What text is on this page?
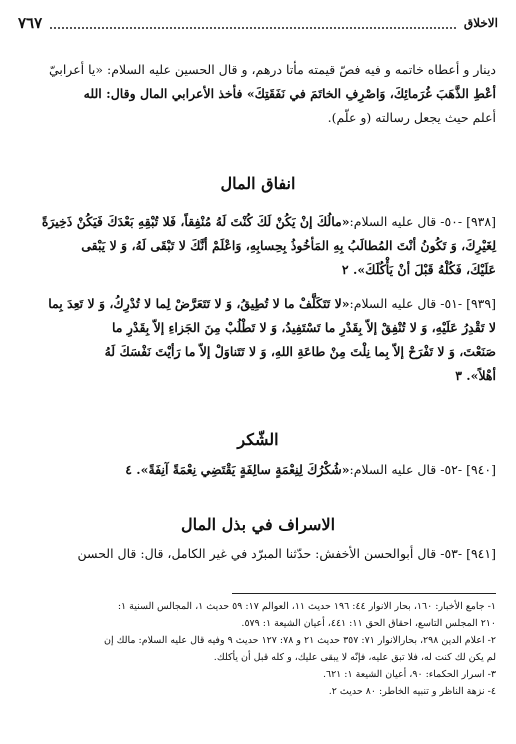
٧٦٧	الاخلاق
دينار و أعطاه خاتمه و فيه فصّ قيمته مأتا درهم، و قال الحسين عليه السلام: «يا أعرابيّ
أعْطِ الذَّهَبَ غُرَمائِكَ، وَاصْرِفِ الخاتَمَ في نَفَقَتِكَ» فأخذ الأعرابي المال وقال: الله
أعلم حيث يجعل رسالته (و علّم).
انفاق المال
[٩٣٨] -٥٠- قال عليه السلام:«مالُكَ إنْ يَكُنْ لَكَ كُنْتَ لَهُ مُنْفِقاً، فَلا تُبْقِهِ بَعْدَكَ فَيَكُنْ ذَخِيرَةً
لِغَيْرِكَ، وَ تَكُونُ أنْتَ المُطالَبُ بِهِ المَأخُوذُ بِحِسابِهِ، وَاعْلَمْ أنَّكَ لا تَبْقَى لَهُ، وَ لا يَبْقى
عَلَيْكَ، فَكُلْهُ قَبْلَ أنْ يَأْكُلَكَ». ٢
[٩٣٩] -٥١- قال عليه السلام:«لا تَتَكَلَّفْ ما لا تُطِيقُ، وَ لا تَتَعَرَّضْ لِما لا تُدْرِكُ، وَ لا تَعِدَ بِما
لا تَقْدِرُ عَلَيْهِ، وَ لا تُنْفِقْ إلاّ بِقَدْرِ ما تَسْتَفِيدُ، وَ لا تَطْلُبْ مِنَ الجَزاءِ إلاّ بِقَدْرِ ما
صَنَعْتَ، وَ لا تَفْرَحْ إلاّ بِما نِلْتَ مِنْ طاعَةِ اللهِ، وَ لا تَتَناوَلْ إلاّ ما رَأيْتَ نَفْسَكَ لَهُ
أهْلاً». ٣
الشّكر
[٩٤٠] -٥٢- قال عليه السلام:«شُكْرُكَ لِنِعْمَةٍ سالِفَةٍ يَقْتَضِي نِعْمَةً آنِفَةً». ٤
الاسراف في بذل المال
[٩٤١] -٥٣- قال أبوالحسن الأخفش: حدّثنا المبرّد في غير الكامل، قال: قال الحسن

١- جامع الأخبار: ١٦٠، بحار الانوار ٤٤: ١٩٦ حديث ١١، العوالم ١٧: ٥٩ حديث ١، المجالس السنية ١:

٢١٠ المجلس التاسع، احقاق الحق ١١: ٤٤١، أعيان الشيعة ١: ٥٧٩.

٢- اعلام الدين ٢٩٨، بحارالانوار ٧١: ٣٥٧ حديث ٢١ و ٧٨: ١٢٧ حديث ٩ وفيه قال عليه السلام: مالك إن

لم يكن لك كنت له، فلا تبق عليه، فإنّه لا يبقى عليك، و كله قبل أن يأكلك.

٣- اسرار الحكماء: ٩٠، أعيان الشيعة ١: ٦٢١.

٤- نزهة الناظر و تنبيه الخاطر: ٨٠ حديث ٢.
